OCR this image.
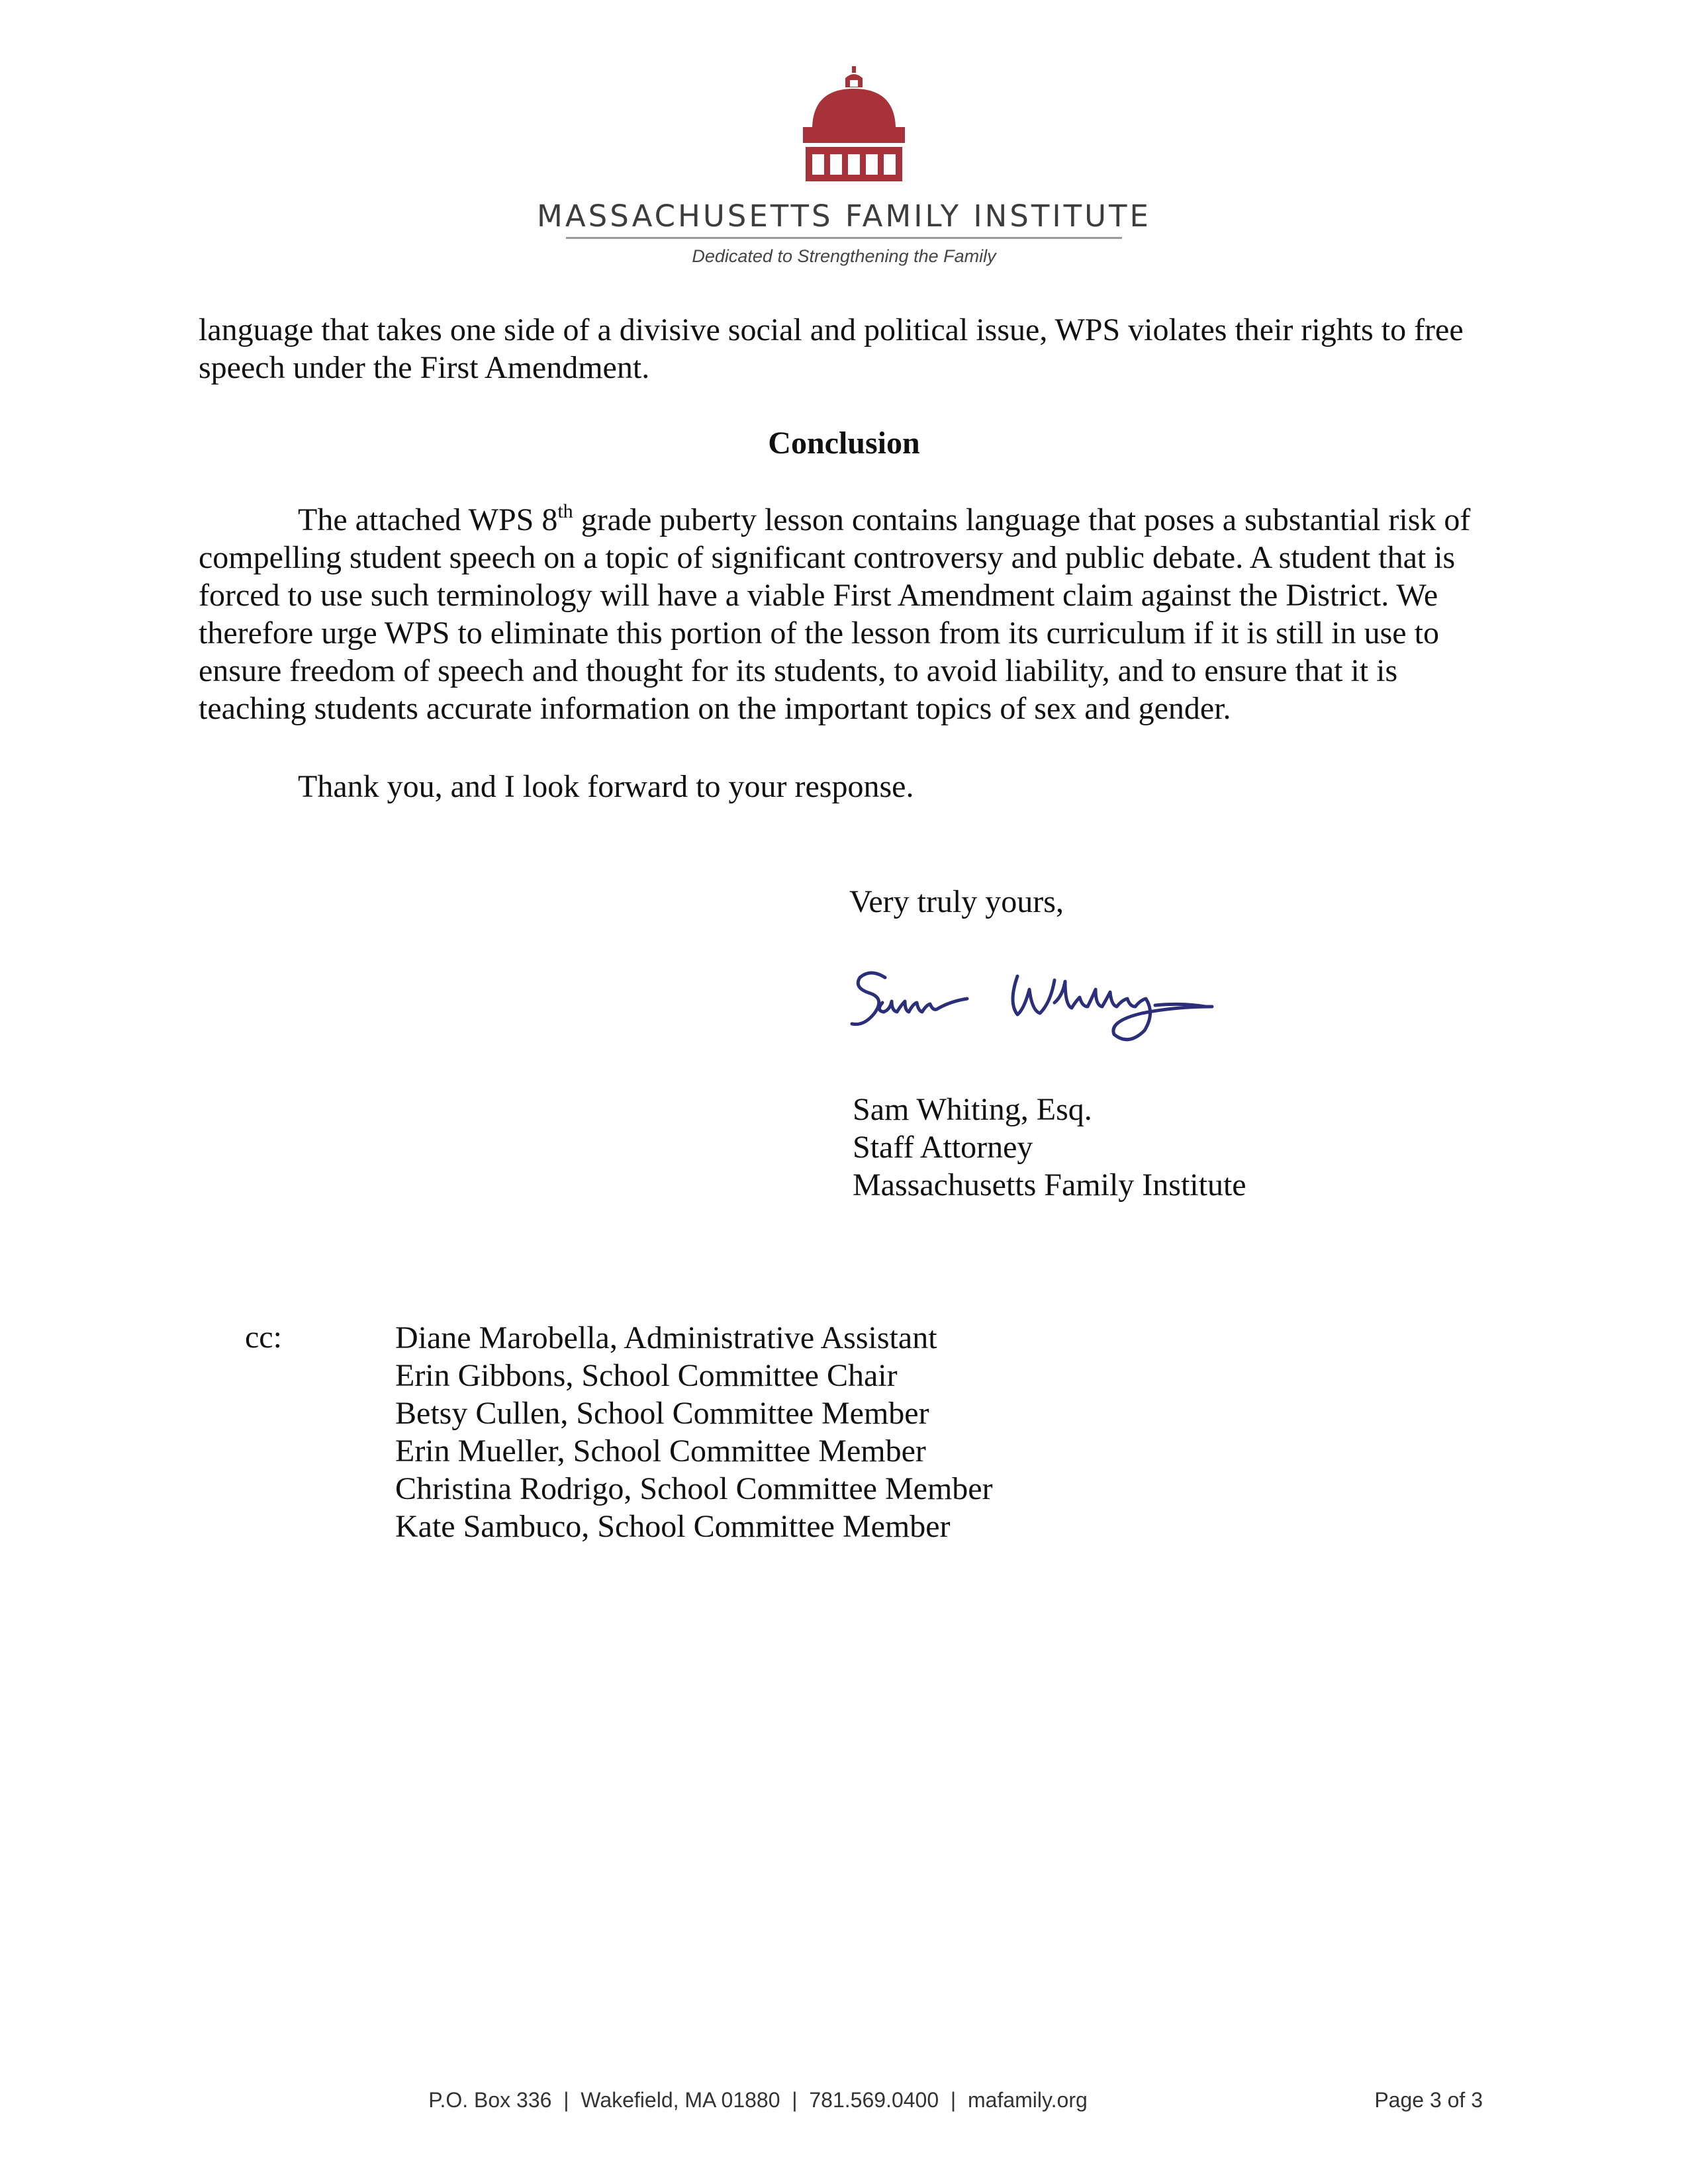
MASSACHUSETTS FAMILY INSTITUTE
Dedicated to Strengthening the Family

language that takes one side of a divisive social and political issue, WPS violates their rights to free speech under the First Amendment.

Conclusion

The attached WPS 8th grade puberty lesson contains language that poses a substantial risk of compelling student speech on a topic of significant controversy and public debate. A student that is forced to use such terminology will have a viable First Amendment claim against the District. We therefore urge WPS to eliminate this portion of the lesson from its curriculum if it is still in use to ensure freedom of speech and thought for its students, to avoid liability, and to ensure that it is teaching students accurate information on the important topics of sex and gender.

Thank you, and I look forward to your response.

Very truly yours,
Sam Whiting, Esq.
Staff Attorney
Massachusetts Family Institute
cc:	Diane Marobella, Administrative Assistant
Erin Gibbons, School Committee Chair
Betsy Cullen, School Committee Member
Erin Mueller, School Committee Member
Christina Rodrigo, School Committee Member
Kate Sambuco, School Committee Member
P.O. Box 336  |  Wakefield, MA 01880  |  781.569.0400  |  mafamily.org	Page 3 of 3
